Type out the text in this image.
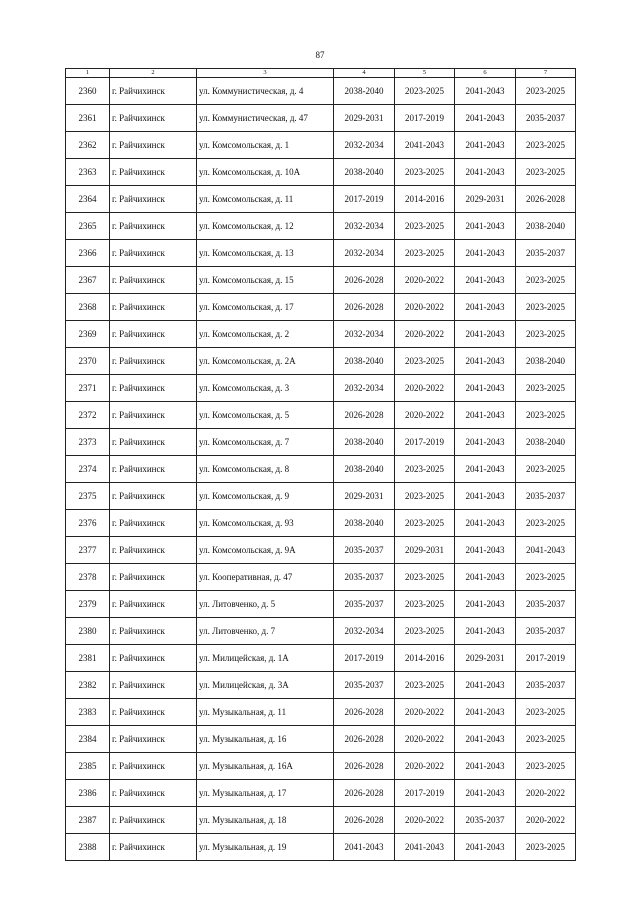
87
1	2	3	4	5	6	7
2360	г. Райчихинск	ул. Коммунистическая, д. 4	2038-2040	2023-2025	2041-2043	2023-2025
2361	г. Райчихинск	ул. Коммунистическая, д. 47	2029-2031	2017-2019	2041-2043	2035-2037
2362	г. Райчихинск	ул. Комсомольская, д. 1	2032-2034	2041-2043	2041-2043	2023-2025
2363	г. Райчихинск	ул. Комсомольская, д. 10А	2038-2040	2023-2025	2041-2043	2023-2025
2364	г. Райчихинск	ул. Комсомольская, д. 11	2017-2019	2014-2016	2029-2031	2026-2028
2365	г. Райчихинск	ул. Комсомольская, д. 12	2032-2034	2023-2025	2041-2043	2038-2040
2366	г. Райчихинск	ул. Комсомольская, д. 13	2032-2034	2023-2025	2041-2043	2035-2037
2367	г. Райчихинск	ул. Комсомольская, д. 15	2026-2028	2020-2022	2041-2043	2023-2025
2368	г. Райчихинск	ул. Комсомольская, д. 17	2026-2028	2020-2022	2041-2043	2023-2025
2369	г. Райчихинск	ул. Комсомольская, д. 2	2032-2034	2020-2022	2041-2043	2023-2025
2370	г. Райчихинск	ул. Комсомольская, д. 2А	2038-2040	2023-2025	2041-2043	2038-2040
2371	г. Райчихинск	ул. Комсомольская, д. 3	2032-2034	2020-2022	2041-2043	2023-2025
2372	г. Райчихинск	ул. Комсомольская, д. 5	2026-2028	2020-2022	2041-2043	2023-2025
2373	г. Райчихинск	ул. Комсомольская, д. 7	2038-2040	2017-2019	2041-2043	2038-2040
2374	г. Райчихинск	ул. Комсомольская, д. 8	2038-2040	2023-2025	2041-2043	2023-2025
2375	г. Райчихинск	ул. Комсомольская, д. 9	2029-2031	2023-2025	2041-2043	2035-2037
2376	г. Райчихинск	ул. Комсомольская, д. 93	2038-2040	2023-2025	2041-2043	2023-2025
2377	г. Райчихинск	ул. Комсомольская, д. 9А	2035-2037	2029-2031	2041-2043	2041-2043
2378	г. Райчихинск	ул. Кооперативная, д. 47	2035-2037	2023-2025	2041-2043	2023-2025
2379	г. Райчихинск	ул. Литовченко, д. 5	2035-2037	2023-2025	2041-2043	2035-2037
2380	г. Райчихинск	ул. Литовченко, д. 7	2032-2034	2023-2025	2041-2043	2035-2037
2381	г. Райчихинск	ул. Милицейская, д. 1А	2017-2019	2014-2016	2029-2031	2017-2019
2382	г. Райчихинск	ул. Милицейская, д. 3А	2035-2037	2023-2025	2041-2043	2035-2037
2383	г. Райчихинск	ул. Музыкальная, д. 11	2026-2028	2020-2022	2041-2043	2023-2025
2384	г. Райчихинск	ул. Музыкальная, д. 16	2026-2028	2020-2022	2041-2043	2023-2025
2385	г. Райчихинск	ул. Музыкальная, д. 16А	2026-2028	2020-2022	2041-2043	2023-2025
2386	г. Райчихинск	ул. Музыкальная, д. 17	2026-2028	2017-2019	2041-2043	2020-2022
2387	г. Райчихинск	ул. Музыкальная, д. 18	2026-2028	2020-2022	2035-2037	2020-2022
2388	г. Райчихинск	ул. Музыкальная, д. 19	2041-2043	2041-2043	2041-2043	2023-2025
